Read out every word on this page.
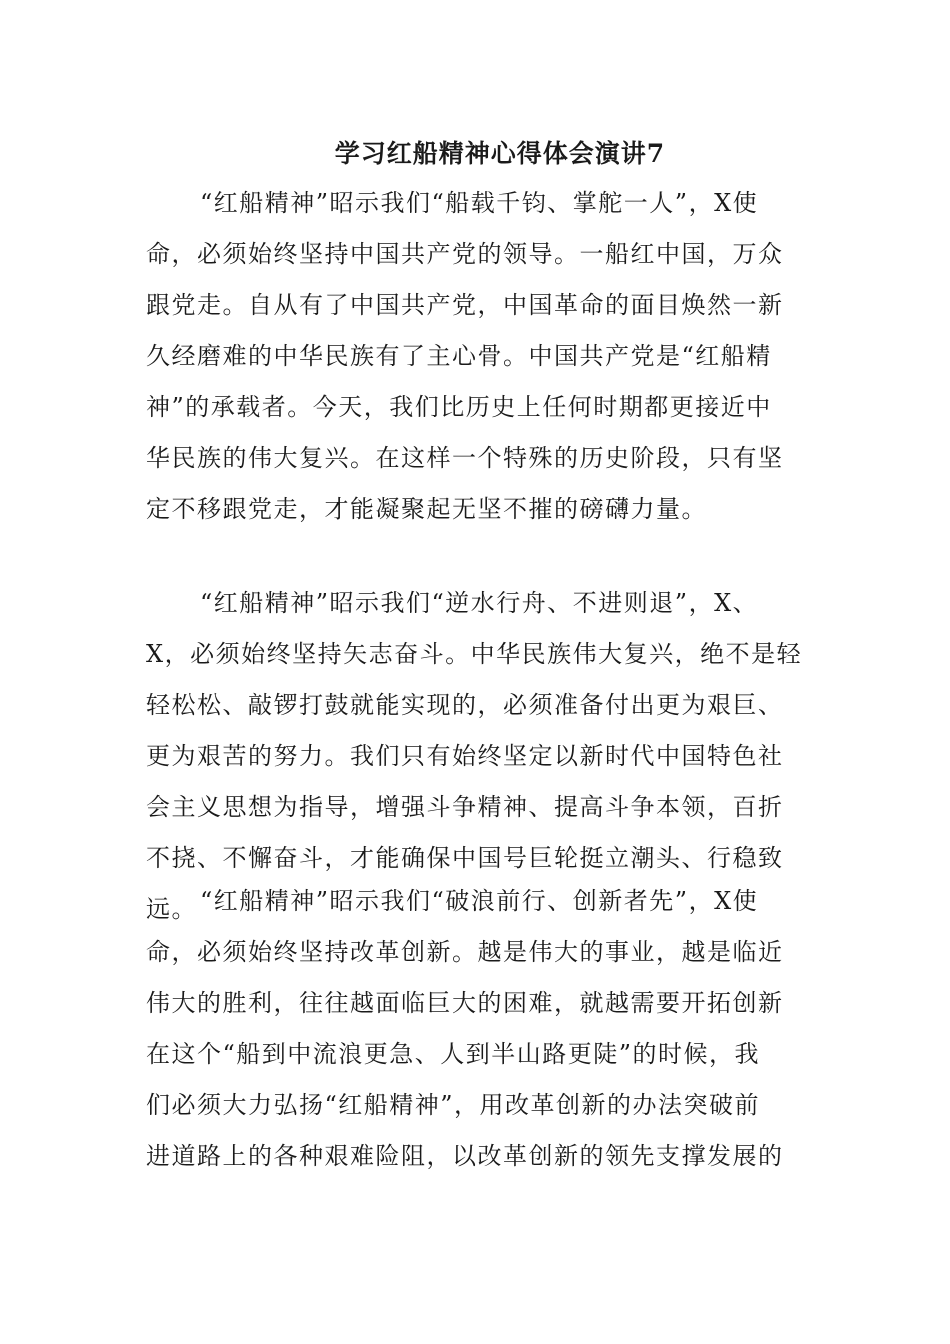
学习红船精神心得体会演讲7
“红船精神”昭示我们“船载千钧、掌舵一人”，X使
命，必须始终坚持中国共产党的领导。一船红中国，万众
跟党走。自从有了中国共产党，中国革命的面目焕然一新
久经磨难的中华民族有了主心骨。中国共产党是“红船精
神”的承载者。今天，我们比历史上任何时期都更接近中
华民族的伟大复兴。在这样一个特殊的历史阶段，只有坚
定不移跟党走，才能凝聚起无坚不摧的磅礴力量。
“红船精神”昭示我们“逆水行舟、不进则退”，X、
X，必须始终坚持矢志奋斗。中华民族伟大复兴，绝不是轻
轻松松、敲锣打鼓就能实现的，必须准备付出更为艰巨、
更为艰苦的努力。我们只有始终坚定以新时代中国特色社
会主义思想为指导，增强斗争精神、提高斗争本领，百折
不挠、不懈奋斗，才能确保中国号巨轮挺立潮头、行稳致
远。 “红船精神”昭示我们“破浪前行、创新者先”，X使
命，必须始终坚持改革创新。越是伟大的事业，越是临近
伟大的胜利，往往越面临巨大的困难，就越需要开拓创新
在这个“船到中流浪更急、人到半山路更陡”的时候，我
们必须大力弘扬“红船精神”，用改革创新的办法突破前
进道路上的各种艰难险阻，以改革创新的领先支撑发展的
